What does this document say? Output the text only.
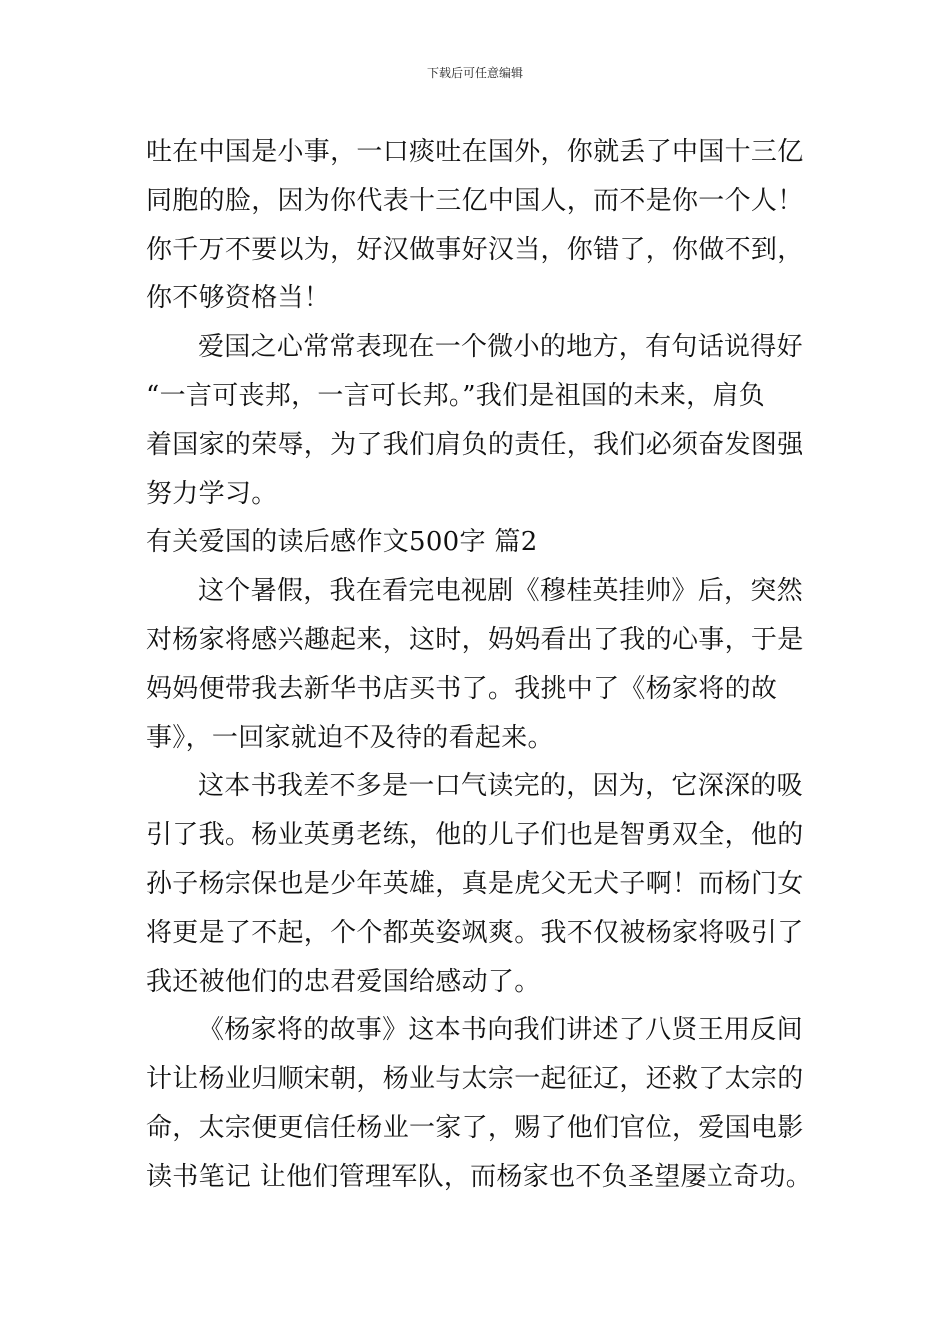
下载后可任意编辑
吐在中国是小事，一口痰吐在国外，你就丢了中国十三亿
同胞的脸，因为你代表十三亿中国人，而不是你一个人！
你千万不要以为，好汉做事好汉当，你错了，你做不到，
你不够资格当！
爱国之心常常表现在一个微小的地方，有句话说得好
“一言可丧邦，一言可长邦。”我们是祖国的未来，肩负
着国家的荣辱，为了我们肩负的责任，我们必须奋发图强
努力学习。
有关爱国的读后感作文500字 篇2
这个暑假，我在看完电视剧《穆桂英挂帅》后，突然
对杨家将感兴趣起来，这时，妈妈看出了我的心事，于是
妈妈便带我去新华书店买书了。我挑中了《杨家将的故
事》，一回家就迫不及待的看起来。
这本书我差不多是一口气读完的，因为，它深深的吸
引了我。杨业英勇老练，他的儿子们也是智勇双全，他的
孙子杨宗保也是少年英雄，真是虎父无犬子啊！而杨门女
将更是了不起，个个都英姿飒爽。我不仅被杨家将吸引了
我还被他们的忠君爱国给感动了。
《杨家将的故事》这本书向我们讲述了八贤王用反间
计让杨业归顺宋朝，杨业与太宗一起征辽，还救了太宗的
命，太宗便更信任杨业一家了，赐了他们官位，爱国电影
读书笔记 让他们管理军队，而杨家也不负圣望屡立奇功。
